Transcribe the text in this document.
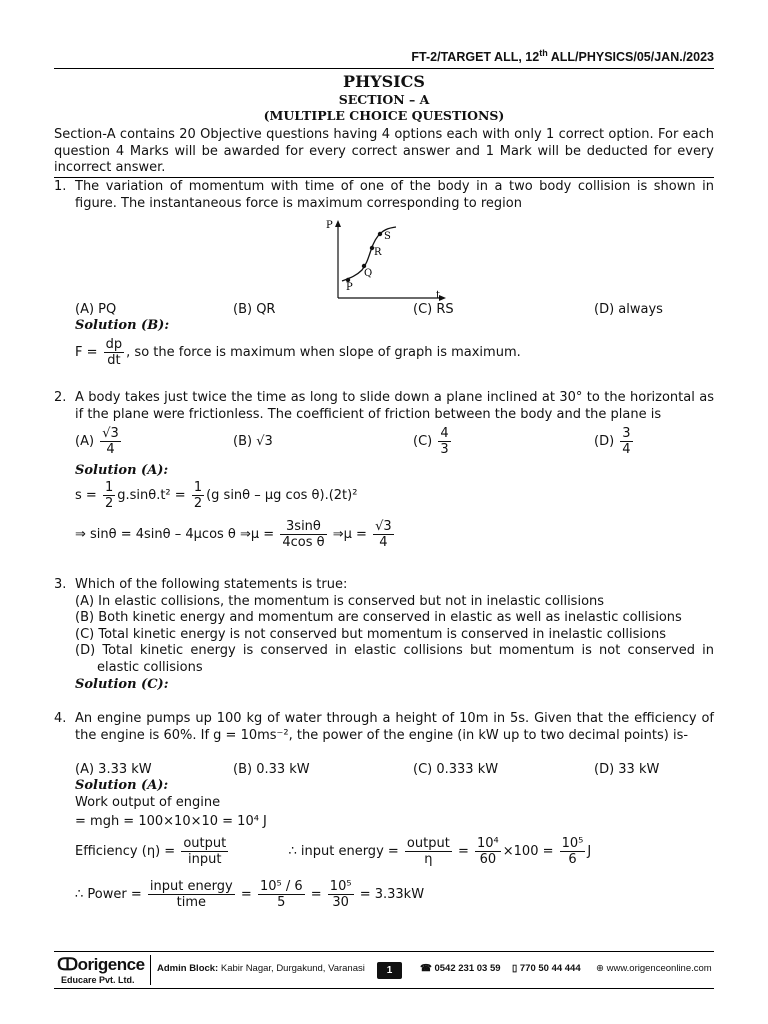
FT-2/TARGET ALL, 12th ALL/PHYSICS/05/JAN./2023
PHYSICS
SECTION – A
(MULTIPLE CHOICE QUESTIONS)
Section-A contains 20 Objective questions having 4 options each with only 1 correct option. For each question 4 Marks will be awarded for every correct answer and 1 Mark will be deducted for every incorrect answer.
1. The variation of momentum with time of one of the body in a two body collision is shown in figure. The instantaneous force is maximum corresponding to region
P
t
P
Q
R
S
(A) PQ	(B) QR	(C) RS	(D) always
Solution (B):
$F = \frac{dp}{dt}$ , so the force is maximum when slope of graph is maximum.
2. A body takes just twice the time as long to slide down a plane inclined at 30° to the horizontal as if the plane were frictionless. The coefficient of friction between the body and the plane is
$(A) \frac{√3}{4}$	(B) √3	$(C) \frac{4}{3}$	$(D) \frac{3}{4}$
Solution (A):
$s = \frac{1}{2} g.\sin\theta.t^2 = \frac{1}{2} (g$ sinθ – μg cos θ).(2t)²
⇒ sinθ = 4sinθ – 4μcos θ ⇒μ = $\frac{3\sin\theta}{\text{4cos θ}}$ ⇒μ = $\frac{√3}{4}$
3. Which of the following statements is true:
(A) In elastic collisions, the momentum is conserved but not in inelastic collisions
(B) Both kinetic energy and momentum are conserved in elastic as well as inelastic collisions
(C) Total kinetic energy is not conserved but momentum is conserved in inelastic collisions
(D) Total kinetic energy is conserved in elastic collisions but momentum is not conserved in elastic collisions
Solution (C):
4. An engine pumps up 100 kg of water through a height of 10m in 5s. Given that the efficiency of the engine is 60%. If g = 10ms⁻², the power of the engine (in kW up to two decimal points) is-
(A) 3.33 kW	(B) 0.33 kW	(C) 0.333 kW	(D) 33 kW
Solution (A):
Work output of engine
= mgh = 100×10×10 = 10⁴ J
Efficiency $(\eta) = \frac{\text{output}}{\text{input}}$	∴ input energy = $\frac{\text{output}}{\eta} = \frac{\text{10⁴}}{60} \times 100 = \frac{\text{10⁵}}{6}$ J
∴ Power = $\frac{\text{input energy}}{\text{time}} = \frac{\text{10⁵ / 6}}{5} = \frac{\text{10⁵}}{30} = 3.33kW$
ↀorigence
Educare Pvt. Ltd.
Admin Block: Kabir Nagar, Durgakund, Varanasi	1	☎ 0542 231 03 59 ▯ 770 50 44 444 ⊕ www.origenceonline.com
